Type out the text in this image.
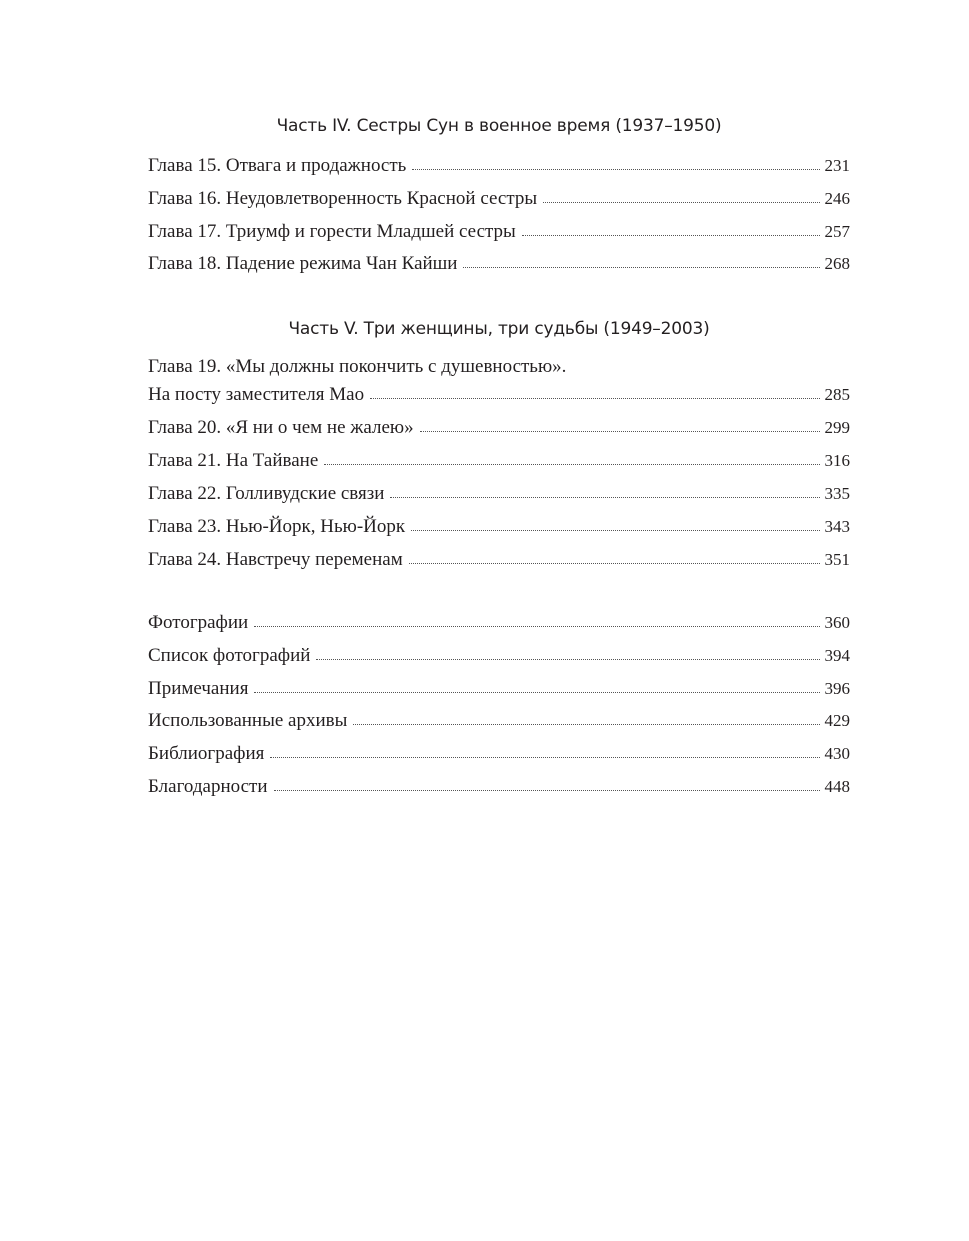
Часть IV. Сестры Сун в военное время (1937–1950)
Глава 15. Отвага и продажность	231
Глава 16. Неудовлетворенность Красной сестры	246
Глава 17. Триумф и горести Младшей сестры	257
Глава 18. Падение режима Чан Кайши	268
Часть V. Три женщины, три судьбы (1949–2003)
Глава 19. «Мы должны покончить с душевностью».
На посту заместителя Мао	285
Глава 20. «Я ни о чем не жалею»	299
Глава 21. На Тайване	316
Глава 22. Голливудские связи	335
Глава 23. Нью-Йорк, Нью-Йорк	343
Глава 24. Навстречу переменам	351
Фотографии	360
Список фотографий	394
Примечания	396
Использованные архивы	429
Библиография	430
Благодарности	448
